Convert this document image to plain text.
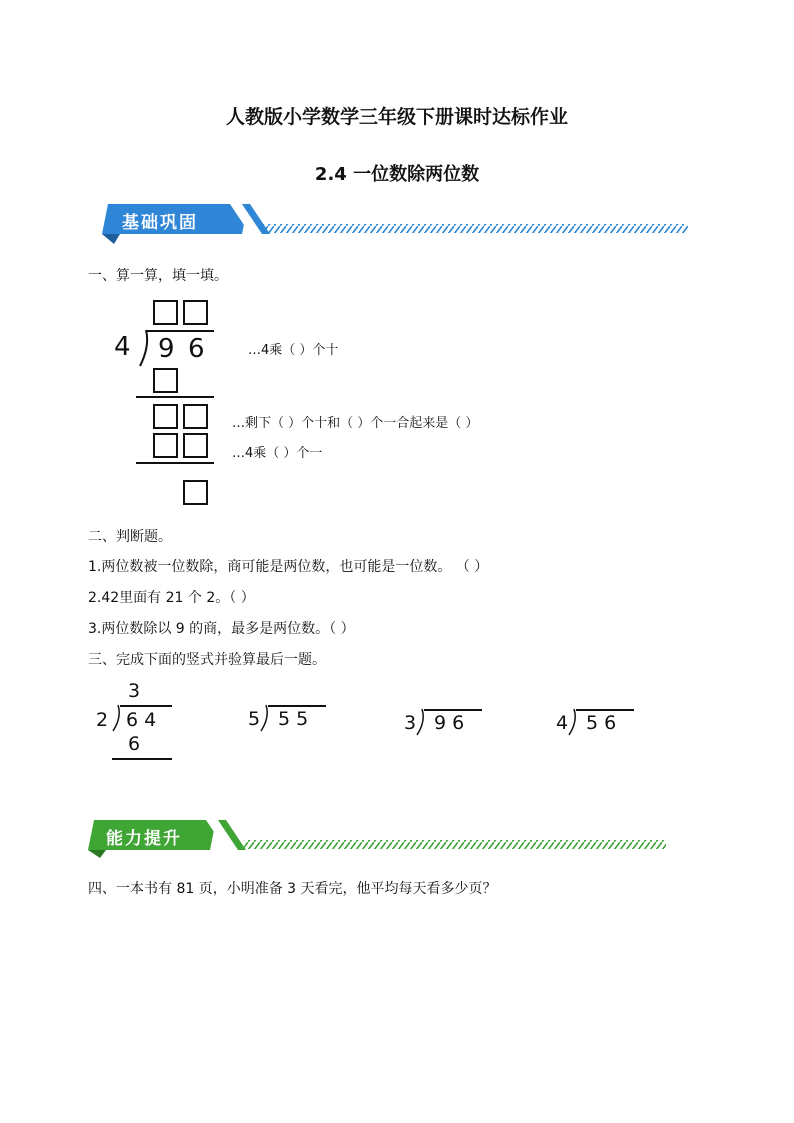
人教版小学数学三年级下册课时达标作业
2.4 一位数除两位数
基础巩固
一、算一算，填一填。
4 9 6	…4乘（ ）个十
…剩下（ ）个十和（ ）个一合起来是（ ）
…4乘（ ）个一
二、判断题。
1.两位数被一位数除，商可能是两位数，也可能是一位数。 （ ）
2.42里面有 21 个 2。（ ）
3.两位数除以 9 的商，最多是两位数。（ ）
三、完成下面的竖式并验算最后一题。
3
2 6 4
6
5 5 5	3 9 6	4 5 6
能力提升
四、一本书有 81 页，小明准备 3 天看完，他平均每天看多少页？
